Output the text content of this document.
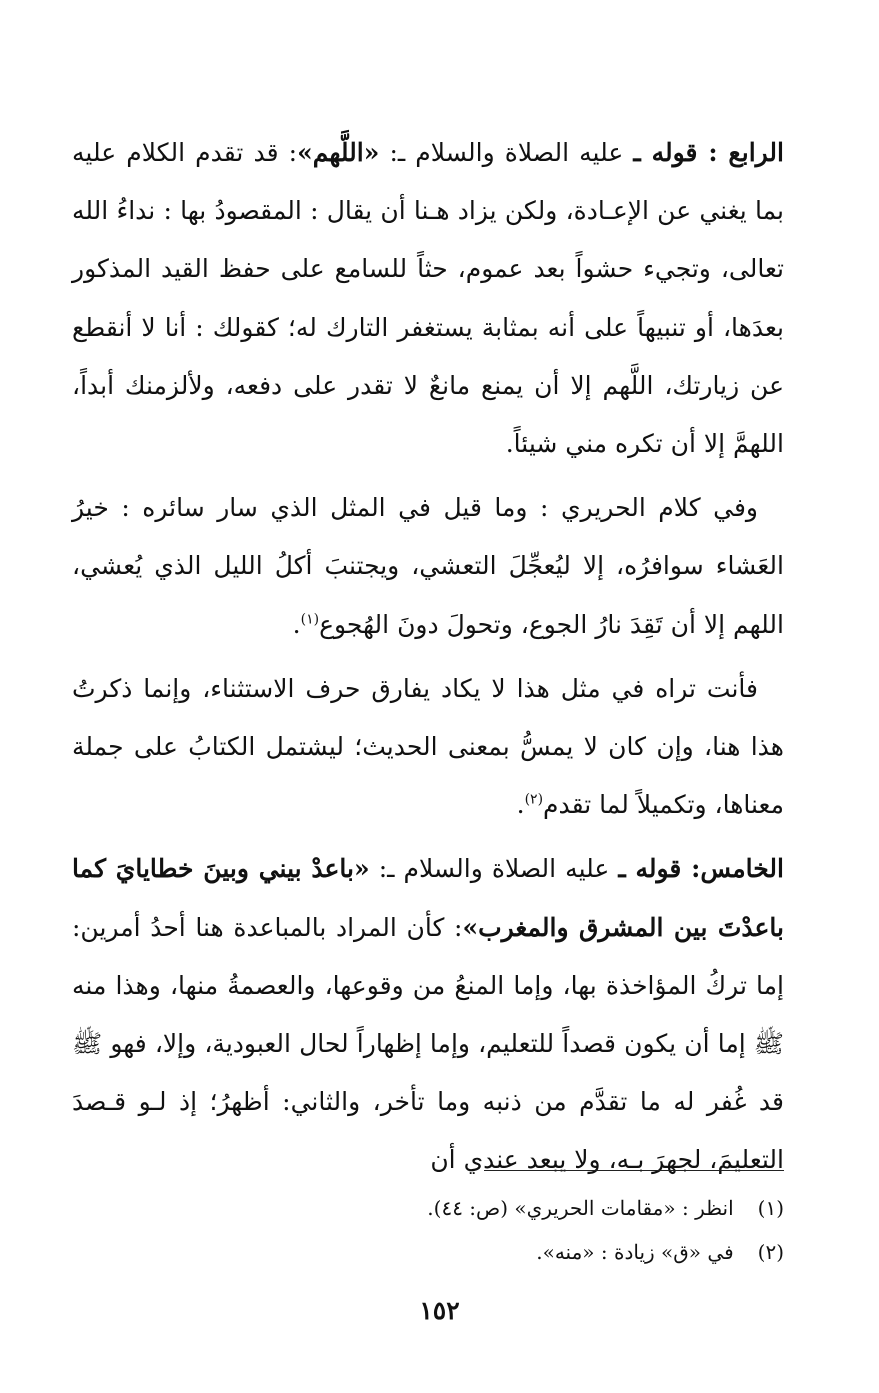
الرابع : قوله ـ عليه الصلاة والسلام ـ: «اللَّهم»: قد تقدم الكلام عليه بما يغني عن الإعـادة، ولكن يزاد هـنا أن يقال : المقصودُ بها : نداءُ الله تعالى، وتجيء حشواً بعد عموم، حثاً للسامع على حفظ القيد المذكور بعدَها، أو تنبيهاً على أنه بمثابة يستغفر التارك له؛ كقولك : أنا لا أنقطع عن زيارتك، اللَّهم إلا أن يمنع مانعٌ لا تقدر على دفعه، ولألزمنك أبداً، اللهمَّ إلا أن تكره مني شيئاً.

وفي كلام الحريري : وما قيل في المثل الذي سار سائره : خيرُ العَشاء سوافرُه، إلا ليُعجِّلَ التعشي، ويجتنبَ أكلُ الليل الذي يُعشي، اللهم إلا أن تَقِدَ نارُ الجوع، وتحولَ دونَ الهُجوع$^{(١)}$.

فأنت تراه في مثل هذا لا يكاد يفارق حرف الاستثناء، وإنما ذكرتُ هذا هنا، وإن كان لا يمسُّ بمعنى الحديث؛ ليشتمل الكتابُ على جملة معناها، وتكميلاً لما تقدم$^{(٢)}$.

الخامس: قوله ـ عليه الصلاة والسلام ـ: «باعدْ بيني وبينَ خطايايَ كما باعدْتَ بين المشرق والمغرب»: كأن المراد بالمباعدة هنا أحدُ أمرين: إما تركُ المؤاخذة بها، وإما المنعُ من وقوعها، والعصمةُ منها، وهذا منه ﷺ إما أن يكون قصداً للتعليم، وإما إظهاراً لحال العبودية، وإلا، فهو ﷺ قد غُفر له ما تقدَّم من ذنبه وما تأخر، والثاني: أظهرُ؛ إذ لـو قـصدَ التعليمَ، لجهرَ بـه، ولا يبعد عندي أن

(١) انظر : «مقامات الحريري» (ص: ٤٤).
(٢) في «ق» زيادة : «منه».
١٥٢
